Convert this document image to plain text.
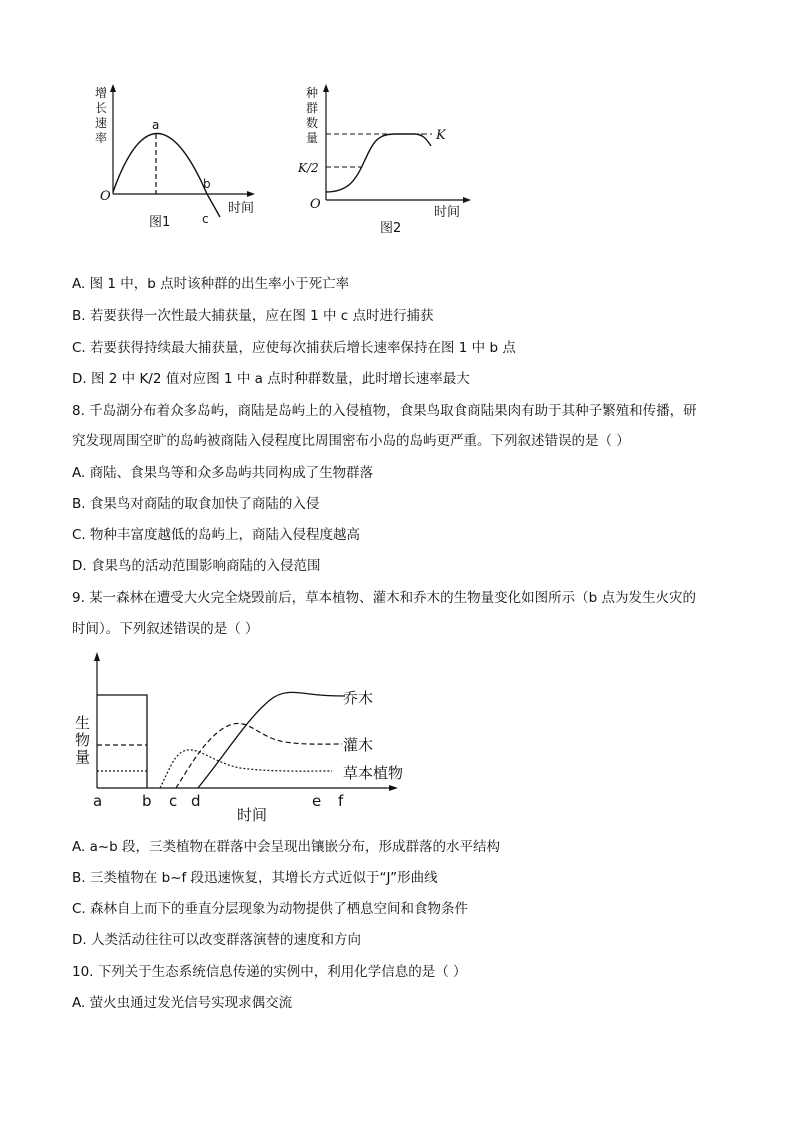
增
长
速
率
O
a
b
c
时间
图1
种
群
数
量	K
K/2
O
时间
图2
A. 图 1 中，b 点时该种群的出生率小于死亡率
B. 若要获得一次性最大捕获量，应在图 1 中 c 点时进行捕获
C. 若要获得持续最大捕获量，应使每次捕获后增长速率保持在图 1 中 b 点
D. 图 2 中 K/2 值对应图 1 中 a 点时种群数量，此时增长速率最大
8. 千岛湖分布着众多岛屿，商陆是岛屿上的入侵植物，食果鸟取食商陆果肉有助于其种子繁殖和传播，研
究发现周围空旷的岛屿被商陆入侵程度比周围密布小岛的岛屿更严重。下列叙述错误的是（ ）
A. 商陆、食果鸟等和众多岛屿共同构成了生物群落
B. 食果鸟对商陆的取食加快了商陆的入侵
C. 物种丰富度越低的岛屿上，商陆入侵程度越高
D. 食果鸟的活动范围影响商陆的入侵范围
9. 某一森林在遭受大火完全烧毁前后，草本植物、灌木和乔木的生物量变化如图所示（b 点为发生火灾的
时间）。下列叙述错误的是（ ）
乔木
灌木
草本植物
生
物
量
a	b c d	e f
时间
A. a~b 段，三类植物在群落中会呈现出镶嵌分布，形成群落的水平结构
B. 三类植物在 b~f 段迅速恢复，其增长方式近似于“J”形曲线
C. 森林自上而下的垂直分层现象为动物提供了栖息空间和食物条件
D. 人类活动往往可以改变群落演替的速度和方向
10. 下列关于生态系统信息传递的实例中，利用化学信息的是（ ）
A. 萤火虫通过发光信号实现求偶交流
